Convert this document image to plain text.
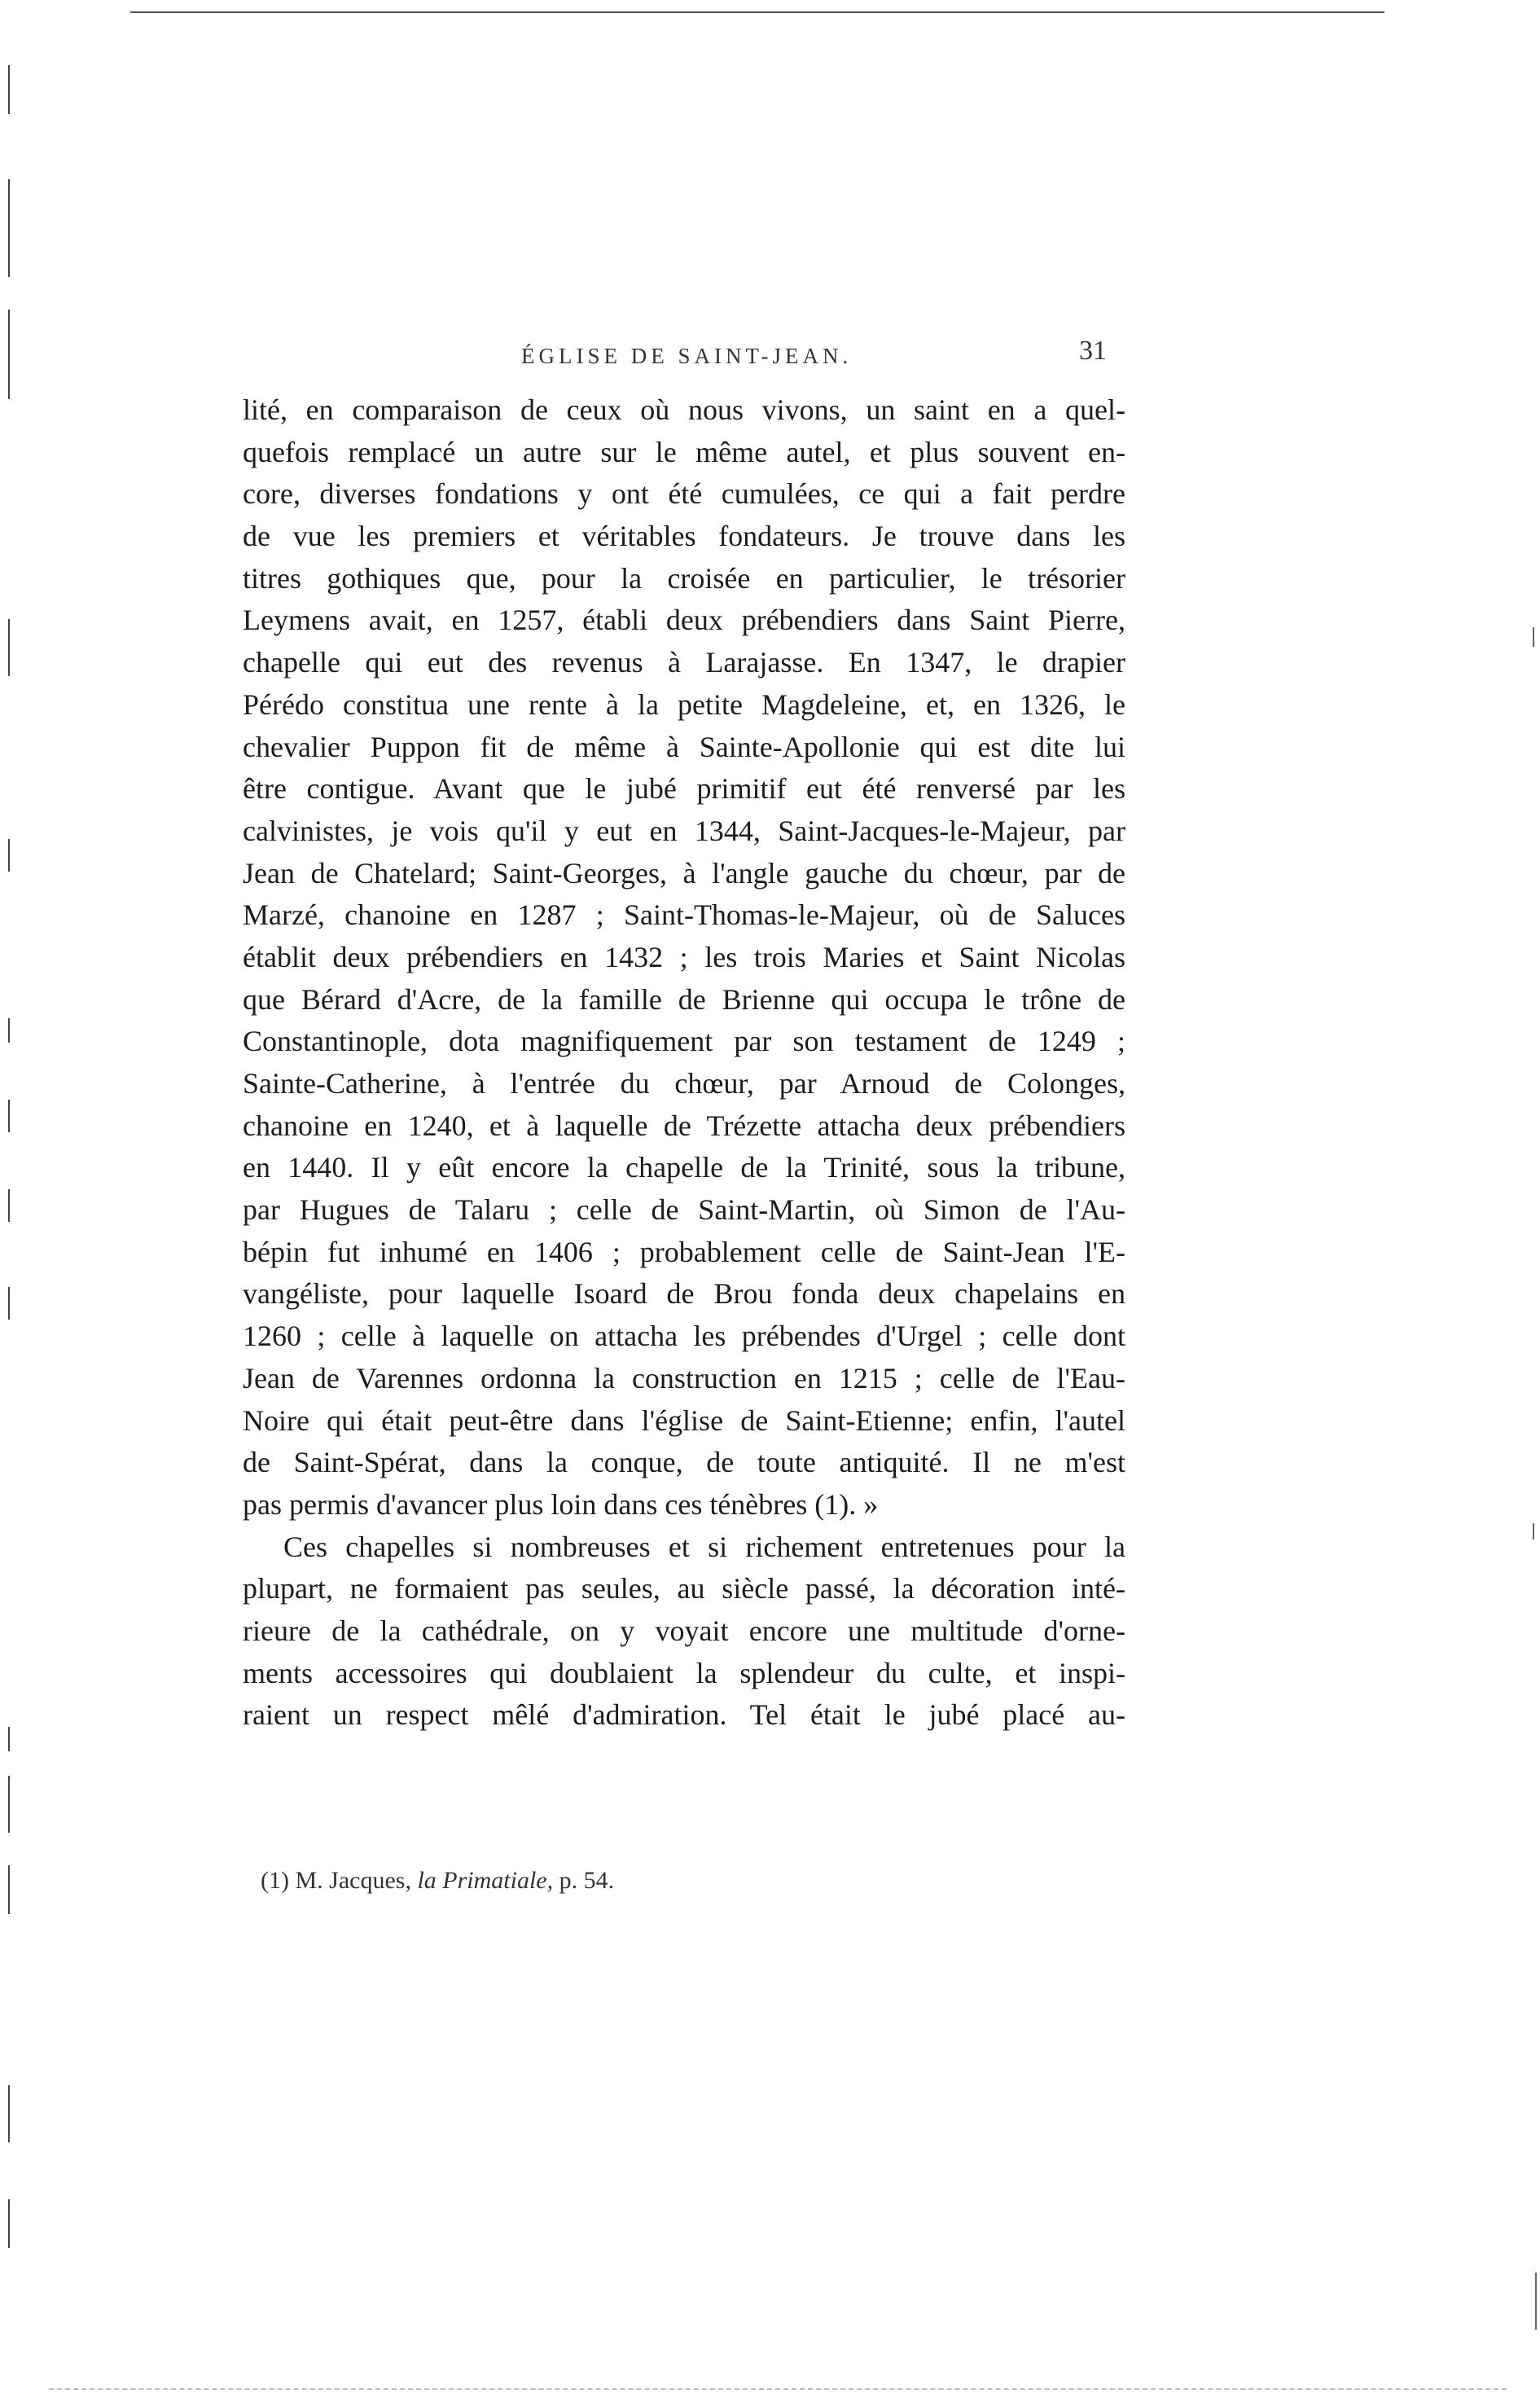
ÉGLISE DE SAINT-JEAN.	31
lité, en comparaison de ceux où nous vivons, un saint en a quel-
quefois remplacé un autre sur le même autel, et plus souvent en-
core, diverses fondations y ont été cumulées, ce qui a fait perdre
de vue les premiers et véritables fondateurs. Je trouve dans les
titres gothiques que, pour la croisée en particulier, le trésorier
Leymens avait, en 1257, établi deux prébendiers dans Saint Pierre,
chapelle qui eut des revenus à Larajasse. En 1347, le drapier
Pérédo constitua une rente à la petite Magdeleine, et, en 1326, le
chevalier Puppon fit de même à Sainte-Apollonie qui est dite lui
être contigue. Avant que le jubé primitif eut été renversé par les
calvinistes, je vois qu'il y eut en 1344, Saint-Jacques-le-Majeur, par
Jean de Chatelard; Saint-Georges, à l'angle gauche du chœur, par de
Marzé, chanoine en 1287 ; Saint-Thomas-le-Majeur, où de Saluces
établit deux prébendiers en 1432 ; les trois Maries et Saint Nicolas
que Bérard d'Acre, de la famille de Brienne qui occupa le trône de
Constantinople, dota magnifiquement par son testament de 1249 ;
Sainte-Catherine, à l'entrée du chœur, par Arnoud de Colonges,
chanoine en 1240, et à laquelle de Trézette attacha deux prébendiers
en 1440. Il y eût encore la chapelle de la Trinité, sous la tribune,
par Hugues de Talaru ; celle de Saint-Martin, où Simon de l'Au-
bépin fut inhumé en 1406 ; probablement celle de Saint-Jean l'E-
vangéliste, pour laquelle Isoard de Brou fonda deux chapelains en
1260 ; celle à laquelle on attacha les prébendes d'Urgel ; celle dont
Jean de Varennes ordonna la construction en 1215 ; celle de l'Eau-
Noire qui était peut-être dans l'église de Saint-Etienne; enfin, l'autel
de Saint-Spérat, dans la conque, de toute antiquité. Il ne m'est
pas permis d'avancer plus loin dans ces ténèbres (1). »
Ces chapelles si nombreuses et si richement entretenues pour la
plupart, ne formaient pas seules, au siècle passé, la décoration inté-
rieure de la cathédrale, on y voyait encore une multitude d'orne-
ments accessoires qui doublaient la splendeur du culte, et inspi-
raient un respect mêlé d'admiration. Tel était le jubé placé au-
(1) M. Jacques, la Primatiale, p. 54.
